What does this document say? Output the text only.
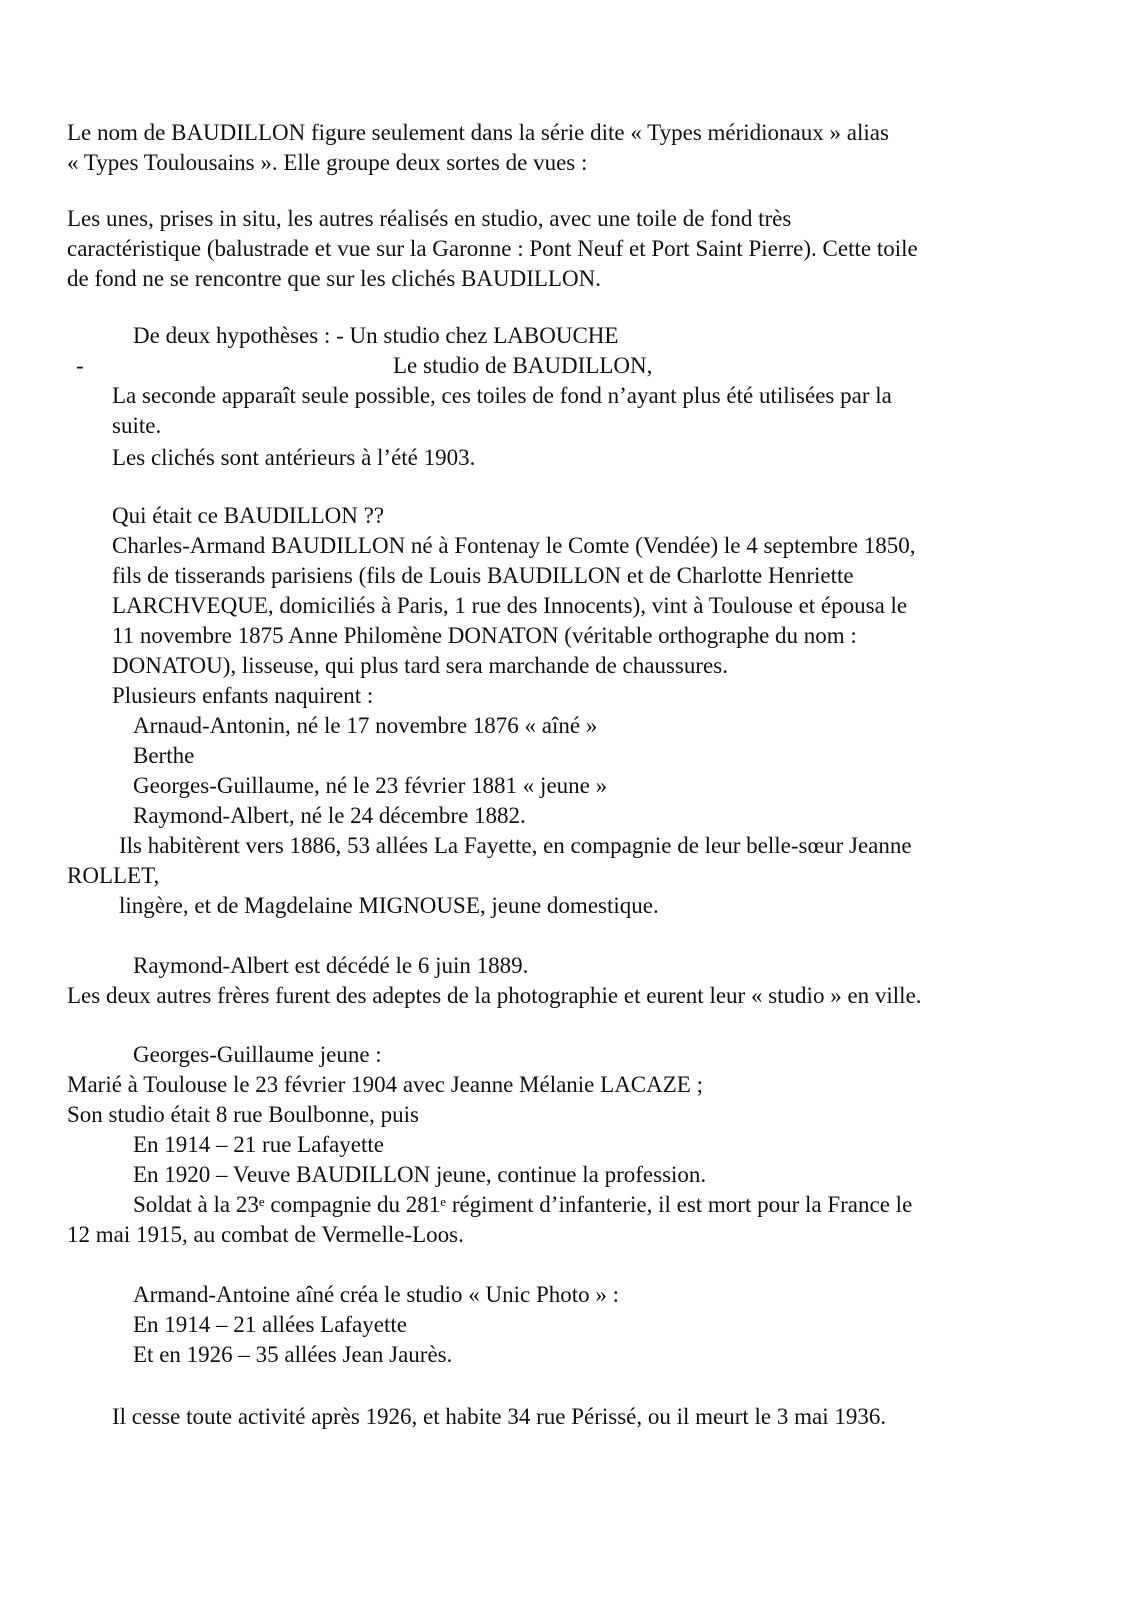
Le nom de BAUDILLON figure seulement dans la série dite « Types méridionaux » alias
« Types Toulousains ». Elle groupe deux sortes de vues :
Les unes, prises in situ, les autres réalisés en studio, avec une toile de fond très
caractéristique (balustrade et vue sur la Garonne : Pont Neuf et Port Saint Pierre). Cette toile
de fond ne se rencontre que sur les clichés BAUDILLON.
De deux hypothèses : - Un studio chez LABOUCHE
-	Le studio de BAUDILLON,
La seconde apparaît seule possible, ces toiles de fond n’ayant plus été utilisées par la
suite.
Les clichés sont antérieurs à l’été 1903.
Qui était ce BAUDILLON ??
Charles-Armand BAUDILLON né à Fontenay le Comte (Vendée) le 4 septembre 1850,
fils de tisserands parisiens (fils de Louis BAUDILLON et de Charlotte Henriette
LARCHVEQUE, domiciliés à Paris, 1 rue des Innocents), vint à Toulouse et épousa le
11 novembre 1875 Anne Philomène DONATON (véritable orthographe du nom :
DONATOU), lisseuse, qui plus tard sera marchande de chaussures.
Plusieurs enfants naquirent :
Arnaud-Antonin, né le 17 novembre 1876 « aîné »
Berthe
Georges-Guillaume, né le 23 février 1881 « jeune »
Raymond-Albert, né le 24 décembre 1882.
Ils habitèrent vers 1886, 53 allées La Fayette, en compagnie de leur belle-sœur Jeanne
ROLLET,
lingère, et de Magdelaine MIGNOUSE, jeune domestique.
Raymond-Albert est décédé le 6 juin 1889.
Les deux autres frères furent des adeptes de la photographie et eurent leur « studio » en ville.
Georges-Guillaume jeune :
Marié à Toulouse le 23 février 1904 avec Jeanne Mélanie LACAZE ;
Son studio était 8 rue Boulbonne, puis
En 1914 – 21 rue Lafayette
En 1920 – Veuve BAUDILLON jeune, continue la profession.
Soldat à la 23e compagnie du 281e régiment d’infanterie, il est mort pour la France le
12 mai 1915, au combat de Vermelle-Loos.
Armand-Antoine aîné créa le studio « Unic Photo » :
En 1914 – 21 allées Lafayette
Et en 1926 – 35 allées Jean Jaurès.
Il cesse toute activité après 1926, et habite 34 rue Périssé, ou il meurt le 3 mai 1936.
